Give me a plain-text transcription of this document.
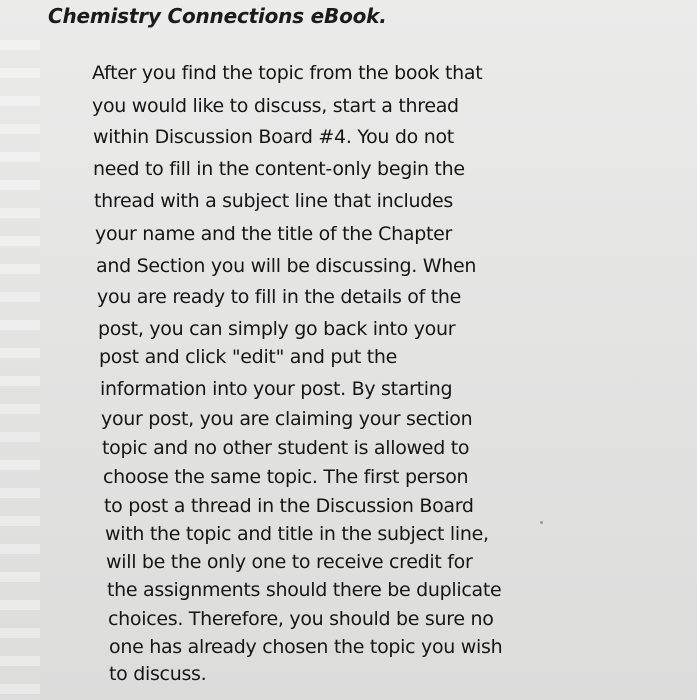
Chemistry Connections eBook.
After you find the topic from the book that
you would like to discuss, start a thread
within Discussion Board #4. You do not
need to fill in the content-only begin the
thread with a subject line that includes
your name and the title of the Chapter
and Section you will be discussing. When
you are ready to fill in the details of the
post, you can simply go back into your
post and click "edit" and put the
information into your post. By starting
your post, you are claiming your section
topic and no other student is allowed to
choose the same topic. The first person
to post a thread in the Discussion Board
with the topic and title in the subject line,
will be the only one to receive credit for
the assignments should there be duplicate
choices. Therefore, you should be sure no
one has already chosen the topic you wish
to discuss.
